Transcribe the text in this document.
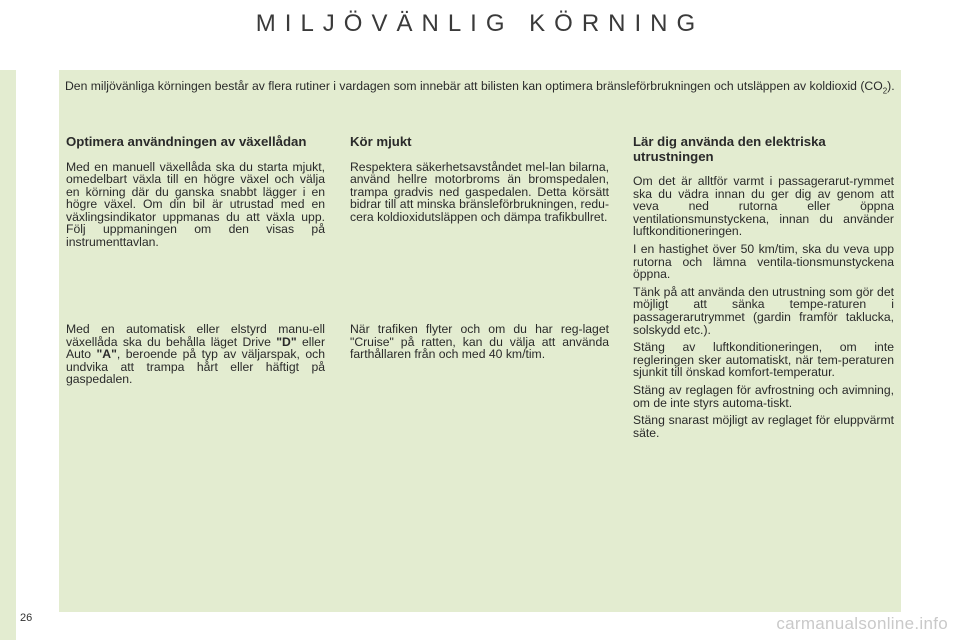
MILJÖVÄNLIG KÖRNING

Den miljövänliga körningen består av flera rutiner i vardagen som innebär att bilisten kan optimera bränsleförbrukningen och utsläppen av koldioxid $(CO_2)$.

Optimera användningen av växellådan

Med en manuell växellåda ska du starta mjukt, omedelbart växla till en högre växel och välja en körning där du ganska snabbt lägger i en högre växel. Om din bil är utrustad med en växlingsindikator uppmanas du att växla upp. Följ uppmaningen om den visas på instrumenttavlan.

Kör mjukt

Respektera säkerhetsavståndet mel-lan bilarna, använd hellre motorbroms än bromspedalen, trampa gradvis ned gaspedalen. Detta körsätt bidrar till att minska bränsleförbrukningen, redu-cera koldioxidutsläppen och dämpa trafikbullret.

Lär dig använda den elektriska utrustningen

Om det är alltför varmt i passagerarut-rymmet ska du vädra innan du ger dig av genom att veva ned rutorna eller öppna ventilationsmunstyckena, innan du använder luftkonditioneringen.

I en hastighet över 50 km/tim, ska du veva upp rutorna och lämna ventila-tionsmunstyckena öppna.

Tänk på att använda den utrustning som gör det möjligt att sänka tempe-raturen i passagerarutrymmet (gardin framför taklucka, solskydd etc.).

Stäng av luftkonditioneringen, om inte regleringen sker automatiskt, när tem-peraturen sjunkit till önskad komfort-temperatur.

Stäng av reglagen för avfrostning och avimning, om de inte styrs automa-tiskt.

Stäng snarast möjligt av reglaget för eluppvärmt säte.

Med en automatisk eller elstyrd manu-ell växellåda ska du behålla läget Drive "D" eller Auto "A", beroende på typ av väljarspak, och undvika att trampa hårt eller häftigt på gaspedalen.

När trafiken flyter och om du har reg-laget "Cruise" på ratten, kan du välja att använda farthållaren från och med 40 km/tim.

26	carmanualsonline.info
